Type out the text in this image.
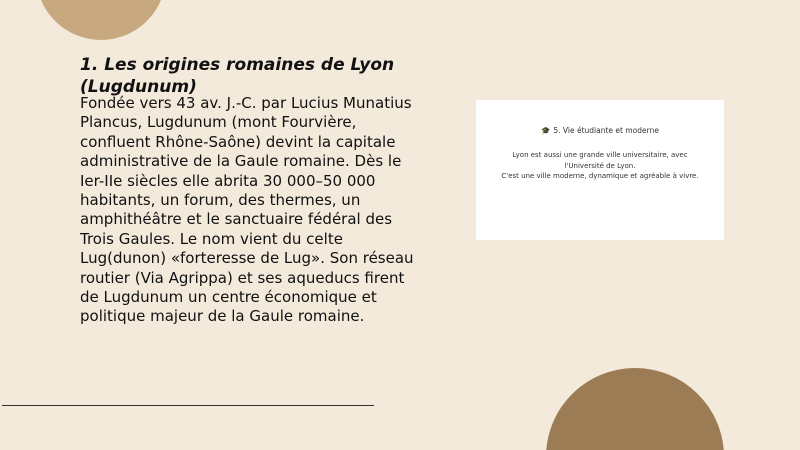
1. Les origines romaines de Lyon (Lugdunum)

Fondée vers 43 av. J.-C. par Lucius Munatius Plancus, Lugdunum (mont Fourvière, confluent Rhône-Saône) devint la capitale administrative de la Gaule romaine. Dès le Ier-IIe siècles elle abrita 30 000–50 000 habitants, un forum, des thermes, un amphithéâtre et le sanctuaire fédéral des Trois Gaules. Le nom vient du celte Lug(dunon) «forteresse de Lug». Son réseau routier (Via Agrippa) et ses aqueducs firent de Lugdunum un centre économique et politique majeur de la Gaule romaine.

🎓 5. Vie étudiante et moderne

Lyon est aussi une grande ville universitaire, avec l'Université de Lyon.

C'est une ville moderne, dynamique et agréable à vivre.
